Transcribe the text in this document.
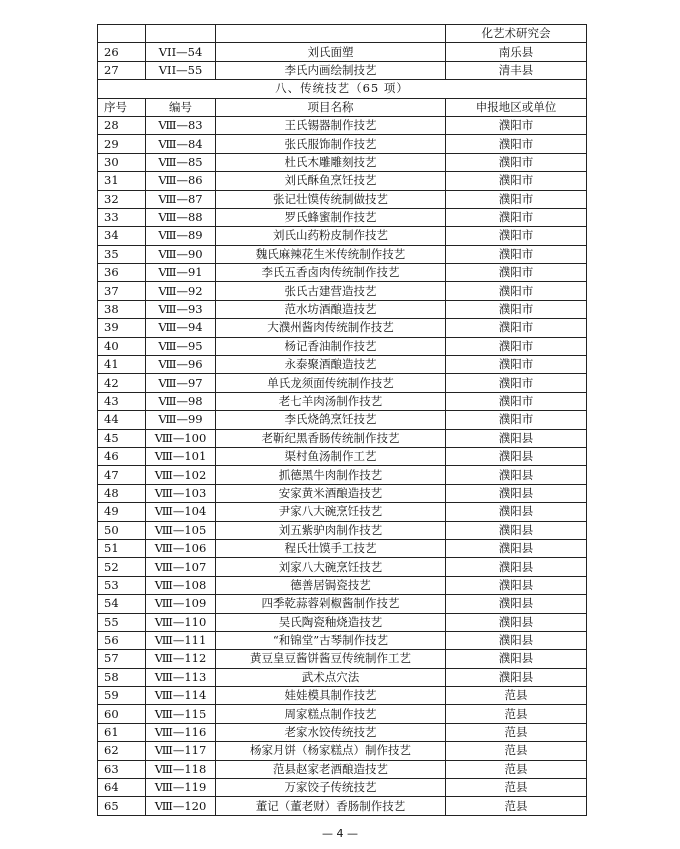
			化艺术研究会
26	VII—54	刘氏面塑	南乐县
27	VII—55	李氏内画绘制技艺	清丰县
八、传统技艺（65 项）			
序号	编号	项目名称	申报地区或单位
28	Ⅷ—83	王氏锡器制作技艺	濮阳市
29	Ⅷ—84	张氏服饰制作技艺	濮阳市
30	Ⅷ—85	杜氏木雕雕刻技艺	濮阳市
31	Ⅷ—86	刘氏酥鱼烹饪技艺	濮阳市
32	Ⅷ—87	张记壮馍传统制做技艺	濮阳市
33	Ⅷ—88	罗氏蜂蜜制作技艺	濮阳市
34	Ⅷ—89	刘氏山药粉皮制作技艺	濮阳市
35	Ⅷ—90	魏氏麻辣花生米传统制作技艺	濮阳市
36	Ⅷ—91	李氏五香卤肉传统制作技艺	濮阳市
37	Ⅷ—92	张氏古建营造技艺	濮阳市
38	Ⅷ—93	范水坊酒酿造技艺	濮阳市
39	Ⅷ—94	大濮州酱肉传统制作技艺	濮阳市
40	Ⅷ—95	杨记香油制作技艺	濮阳市
41	Ⅷ—96	永泰聚酒酿造技艺	濮阳市
42	Ⅷ—97	单氏龙须面传统制作技艺	濮阳市
43	Ⅷ—98	老七羊肉汤制作技艺	濮阳市
44	Ⅷ—99	李氏烧鸽烹饪技艺	濮阳市
45	Ⅷ—100	老靳纪黑香肠传统制作技艺	濮阳县
46	Ⅷ—101	渠村鱼汤制作工艺	濮阳县
47	Ⅷ—102	抓德黑牛肉制作技艺	濮阳县
48	Ⅷ—103	安家黄米酒酿造技艺	濮阳县
49	Ⅷ—104	尹家八大碗烹饪技艺	濮阳县
50	Ⅷ—105	刘五紫驴肉制作技艺	濮阳县
51	Ⅷ—106	程氏壮馍手工技艺	濮阳县
52	Ⅷ—107	刘家八大碗烹饪技艺	濮阳县
53	Ⅷ—108	德善居锔瓷技艺	濮阳县
54	Ⅷ—109	四季乾蒜蓉剁椒酱制作技艺	濮阳县
55	Ⅷ—110	吴氏陶瓷釉烧造技艺	濮阳县
56	Ⅷ—111	“和锦堂”古琴制作技艺	濮阳县
57	Ⅷ—112	黄豆皇豆酱饼酱豆传统制作工艺	濮阳县
58	Ⅷ—113	武术点穴法	濮阳县
59	Ⅷ—114	娃娃模具制作技艺	范县
60	Ⅷ—115	周家糕点制作技艺	范县
61	Ⅷ—116	老家水饺传统技艺	范县
62	Ⅷ—117	杨家月饼（杨家糕点）制作技艺	范县
63	Ⅷ—118	范县赵家老酒酿造技艺	范县
64	Ⅷ—119	万家饺子传统技艺	范县
65	Ⅷ—120	董记（董老财）香肠制作技艺	范县
— 4 —
